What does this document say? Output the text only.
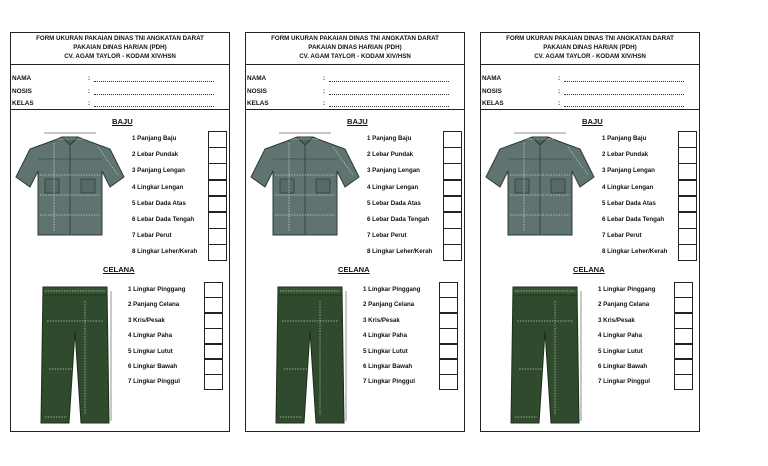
FORM UKURAN PAKAIAN DINAS TNI ANGKATAN DARAT
PAKAIAN DINAS HARIAN (PDH)
CV. AGAM TAYLOR - KODAM XIV/HSN
NAMA	:
NOSIS	:
KELAS	:
BAJU
1 Panjang Baju
2 Lebar Pundak
3 Panjang Lengan
4 Lingkar Lengan
5 Lebar Dada Atas
6 Lebar Dada Tengah
7 Lebar Perut
8 Lingkar Leher/Kerah
CELANA
1 Lingkar Pinggang
2 Panjang Celana
3 Kris/Pesak
4 Lingkar Paha
5 Lingkar Lutut
6 Lingkar Bawah
7 Lingkar Pinggul
FORM UKURAN PAKAIAN DINAS TNI ANGKATAN DARAT
PAKAIAN DINAS HARIAN (PDH)
CV. AGAM TAYLOR - KODAM XIV/HSN
NAMA	:
NOSIS	:
KELAS	:
BAJU
1 Panjang Baju
2 Lebar Pundak
3 Panjang Lengan
4 Lingkar Lengan
5 Lebar Dada Atas
6 Lebar Dada Tengah
7 Lebar Perut
8 Lingkar Leher/Kerah
CELANA
1 Lingkar Pinggang
2 Panjang Celana
3 Kris/Pesak
4 Lingkar Paha
5 Lingkar Lutut
6 Lingkar Bawah
7 Lingkar Pinggul
FORM UKURAN PAKAIAN DINAS TNI ANGKATAN DARAT
PAKAIAN DINAS HARIAN (PDH)
CV. AGAM TAYLOR - KODAM XIV/HSN
NAMA	:
NOSIS	:
KELAS	:
BAJU
1 Panjang Baju
2 Lebar Pundak
3 Panjang Lengan
4 Lingkar Lengan
5 Lebar Dada Atas
6 Lebar Dada Tengah
7 Lebar Perut
8 Lingkar Leher/Kerah
CELANA
1 Lingkar Pinggang
2 Panjang Celana
3 Kris/Pesak
4 Lingkar Paha
5 Lingkar Lutut
6 Lingkar Bawah
7 Lingkar Pinggul
